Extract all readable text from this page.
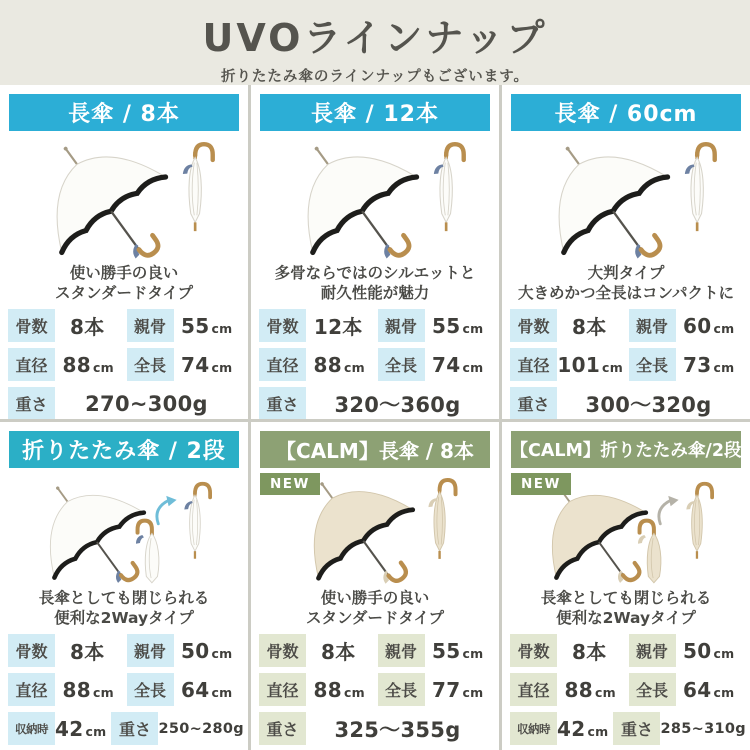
UVOラインナップ

折りたたみ傘のラインナップもございます。

長傘 / 8本

使い勝手の良い
スタンダードタイプ

骨数	8本	親骨 55 cm
直径 88 cm	全長 74 cm
重さ	270~300g
長傘 / 12本

多骨ならではのシルエットと
耐久性能が魅力

骨数 12本	親骨 55 cm
直径 88 cm	全長 74 cm
重さ	320～360g
長傘 / 60cm

大判タイプ
大きめかつ全長はコンパクトに

骨数	8本	親骨 60 cm
直径 101 cm 全長 73 cm
重さ	300～320g
折りたたみ傘 / 2段

長傘としても閉じられる
便利な2Wayタイプ

骨数	8本	親骨 50 cm
直径 88 cm	全長 64 cm
収納時 42 cm 重さ 250~280g
【CALM】長傘 / 8本
NEW

使い勝手の良い
スタンダードタイプ

骨数	8本	親骨 55 cm
直径 88 cm	全長 77 cm
重さ	325～355g
【CALM】折りたたみ傘/2段
NEW

長傘としても閉じられる
便利な2Wayタイプ

骨数	8本	親骨 50 cm
直径 88 cm	全長 64 cm
収納時 42 cm 重さ 285~310g
